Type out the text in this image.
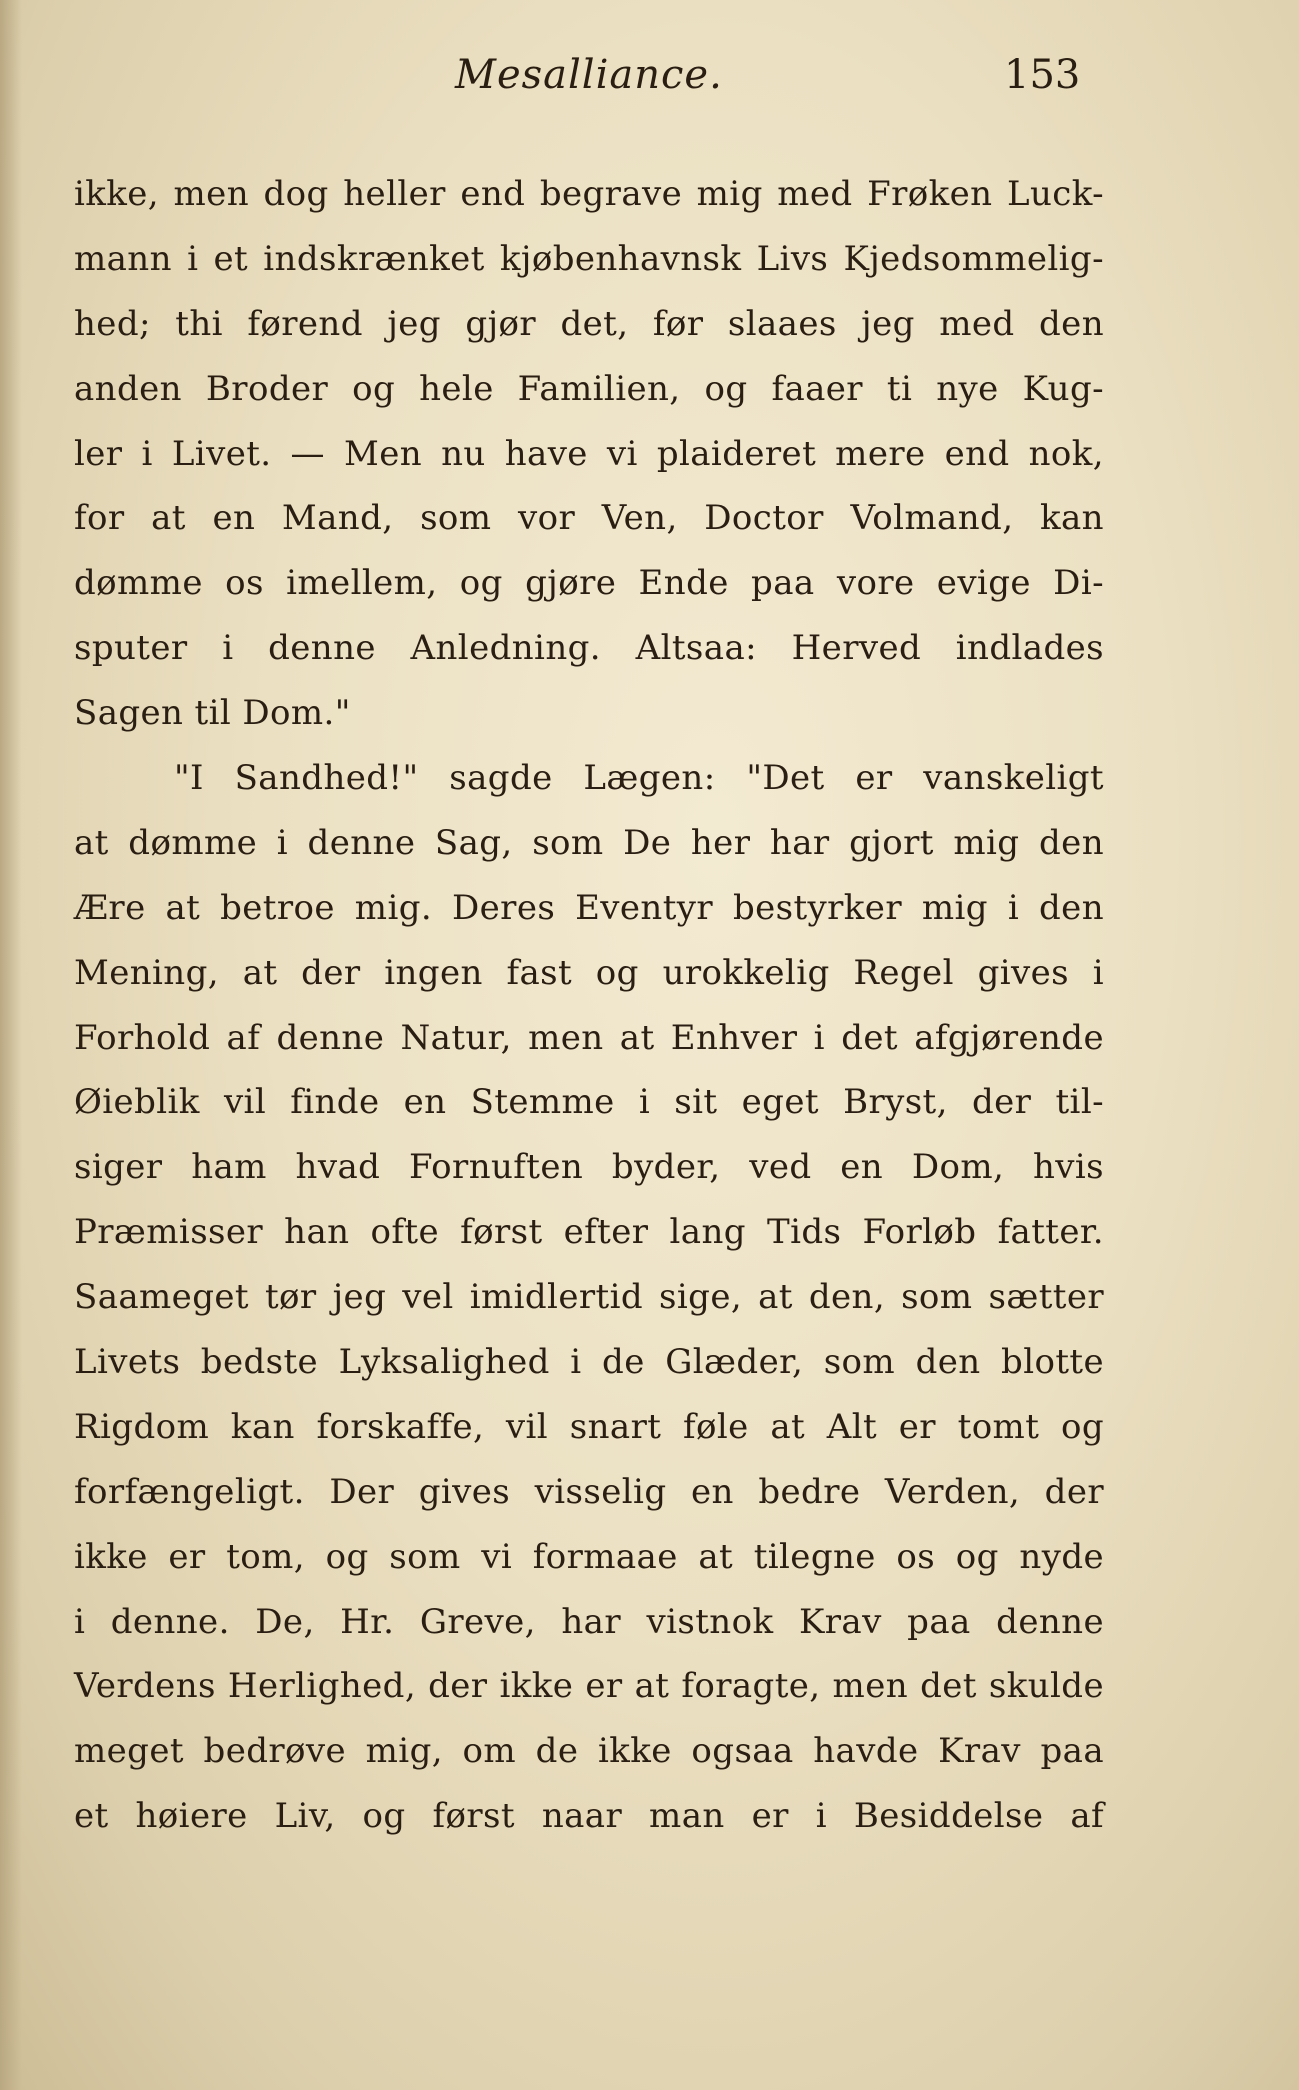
Mesalliance.	153
ikke, men dog heller end begrave mig med Frøken Luck-
mann i et indskrænket kjøbenhavnsk Livs Kjedsommelig-
hed; thi førend jeg gjør det, før slaaes jeg med den
anden Broder og hele Familien, og faaer ti nye Kug-
ler i Livet. — Men nu have vi plaideret mere end nok,
for at en Mand, som vor Ven, Doctor Volmand, kan
dømme os imellem, og gjøre Ende paa vore evige Di-
sputer i denne Anledning. Altsaa: Herved indlades
Sagen til Dom."
"I Sandhed!" sagde Lægen: "Det er vanskeligt
at dømme i denne Sag, som De her har gjort mig den
Ære at betroe mig. Deres Eventyr bestyrker mig i den
Mening, at der ingen fast og urokkelig Regel gives i
Forhold af denne Natur, men at Enhver i det afgjørende
Øieblik vil finde en Stemme i sit eget Bryst, der til-
siger ham hvad Fornuften byder, ved en Dom, hvis
Præmisser han ofte først efter lang Tids Forløb fatter.
Saameget tør jeg vel imidlertid sige, at den, som sætter
Livets bedste Lyksalighed i de Glæder, som den blotte
Rigdom kan forskaffe, vil snart føle at Alt er tomt og
forfængeligt. Der gives visselig en bedre Verden, der
ikke er tom, og som vi formaae at tilegne os og nyde
i denne. De, Hr. Greve, har vistnok Krav paa denne
Verdens Herlighed, der ikke er at foragte, men det skulde
meget bedrøve mig, om de ikke ogsaa havde Krav paa
et høiere Liv, og først naar man er i Besiddelse af
